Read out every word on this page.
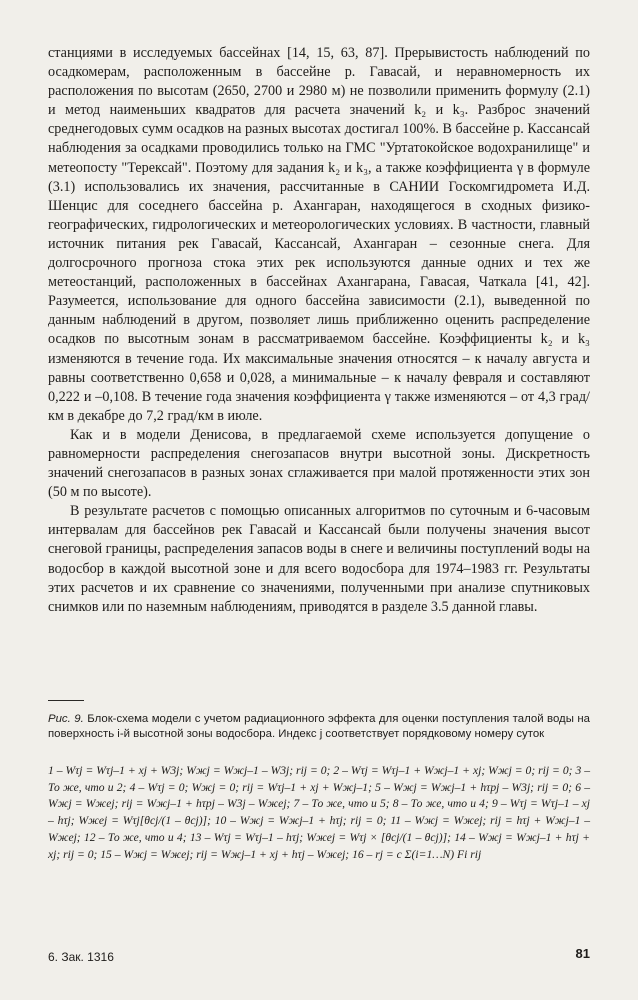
станциями в исследуемых бассейнах [14, 15, 63, 87]. Прерывистость наблюдений по осадкомерам, расположенным в бассейне р. Гавасай, и неравномерность их расположения по высотам (2650, 2700 и 2980 м) не позволили применить формулу (2.1) и метод наименьших квадратов для расчета значений k₂ и k₃. Разброс значений среднегодовых сумм осадков на разных высотах достигал 100%. В бассейне р. Кассансай наблюдения за осадками проводились только на ГМС "Уртатокойское водохранилище" и метеопосту "Терексай". Поэтому для задания k₂ и k₃, а также коэффициента γ в формуле (3.1) использовались их значения, рассчитанные в САНИИ Госкомгидромета И.Д. Шенцис для соседнего бассейна р. Ахангаран, находящегося в сходных физико-географических, гидрологических и метеорологических условиях. В частности, главный источник питания рек Гавасай, Кассансай, Ахангаран – сезонные снега. Для долгосрочного прогноза стока этих рек используются данные одних и тех же метеостанций, расположенных в бассейнах Ахангарана, Гавасая, Чаткала [41, 42]. Разумеется, использование для одного бассейна зависимости (2.1), выведенной по данным наблюдений в другом, позволяет лишь приближенно оценить распределение осадков по высотным зонам в рассматриваемом бассейне. Коэффициенты k₂ и k₃ изменяются в течение года. Их максимальные значения относятся – к началу августа и равны соответственно 0,658 и 0,028, а минимальные – к началу февраля и составляют 0,222 и –0,108. В течение года значения коэффициента γ также изменяются – от 4,3 град/км в декабре до 7,2 град/км в июле.

Как и в модели Денисова, в предлагаемой схеме используется допущение о равномерности распределения снегозапасов внутри высотной зоны. Дискретность значений снегозапасов в разных зонах сглаживается при малой протяженности этих зон (50 м по высоте).

В результате расчетов с помощью описанных алгоритмов по суточным и 6-часовым интервалам для бассейнов рек Гавасай и Кассансай были получены значения высот снеговой границы, распределения запасов воды в снеге и величины поступлений воды на водосбор в каждой высотной зоне и для всего водосбора для 1974–1983 гг. Результаты этих расчетов и их сравнение со значениями, полученными при анализе спутниковых снимков или по наземным наблюдениям, приводятся в разделе 3.5 данной главы.

Рис. 9. Блок-схема модели с учетом радиационного эффекта для оценки поступления талой воды на поверхность i-й высотной зоны водосбора. Индекс j соответствует порядковому номеру суток

1 – Wτj = Wτj–1 + xj + W3j; Wжj = Wжj–1 – W3j; rij = 0; 2 – Wτj = Wτj–1 + Wжj–1 + xj; Wжj = 0; rij = 0; 3 – То же, что и 2; 4 – Wτj = 0; Wжj = 0; rij = Wτj–1 + xj + Wжj–1; 5 – Wжj = Wжj–1 + hτpj – W3j; rij = 0; 6 – Wжj = Wжej; rij = Wжj–1 + hτpj – W3j – Wжej; 7 – То же, что и 5; 8 – То же, что и 4; 9 – Wτj = Wτj–1 – xj – hτj; Wжej = Wτj[θcj/(1 – θcj)]; 10 – Wжj = Wжj–1 + hτj; rij = 0; 11 – Wжj = Wжej; rij = hτj + Wжj–1 – Wжej; 12 – То же, что и 4; 13 – Wτj = Wτj–1 – hτj; Wжej = Wτj × [θcj/(1 – θcj)]; 14 – Wжj = Wжj–1 + hτj + xj; rij = 0; 15 – Wжj = Wжej; rij = Wжj–1 + xj + hτj – Wжej; 16 – rj = c Σ(i=1…N) Fi rij

6. Зак. 1316	81
